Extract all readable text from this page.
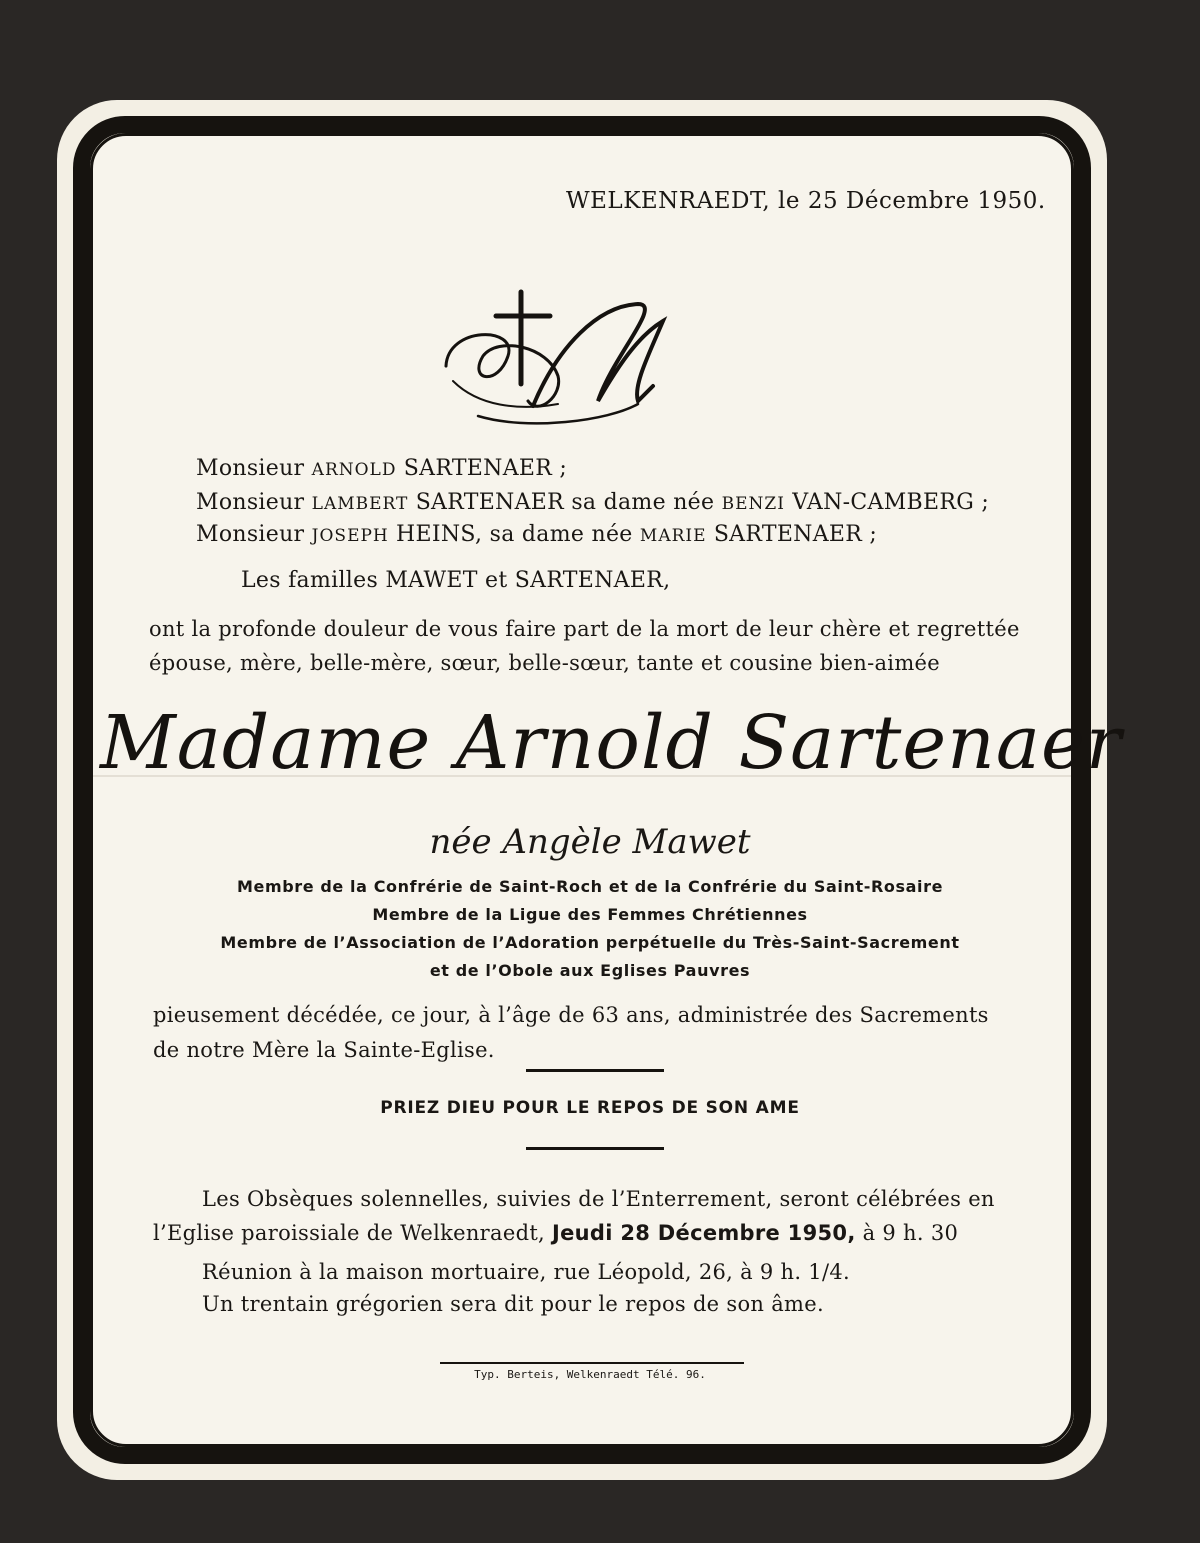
WELKENRAEDT, le 25 Décembre 1950.
Monsieur ARNOLD SARTENAER ;
Monsieur LAMBERT SARTENAER sa dame née BENZI VAN-CAMBERG ;
Monsieur JOSEPH HEINS, sa dame née MARIE SARTENAER ;
Les familles MAWET et SARTENAER,
ont la profonde douleur de vous faire part de la mort de leur chère et regrettée
épouse, mère, belle-mère, sœur, belle-sœur, tante et cousine bien-aimée
Madame Arnold Sartenaer
née Angèle Mawet
Membre de la Confrérie de Saint-Roch et de la Confrérie du Saint-Rosaire
Membre de la Ligue des Femmes Chrétiennes
Membre de l’Association de l’Adoration perpétuelle du Très-Saint-Sacrement
et de l’Obole aux Eglises Pauvres
pieusement décédée, ce jour, à l’âge de 63 ans, administrée des Sacrements
de notre Mère la Sainte-Eglise.
PRIEZ DIEU POUR LE REPOS DE SON AME
Les Obsèques solennelles, suivies de l’Enterrement, seront célébrées en
l’Eglise paroissiale de Welkenraedt, Jeudi 28 Décembre 1950, à 9 h. 30
Réunion à la maison mortuaire, rue Léopold, 26, à 9 h. 1/4.
Un trentain grégorien sera dit pour le repos de son âme.
Typ. Berteis, Welkenraedt Télé. 96.
